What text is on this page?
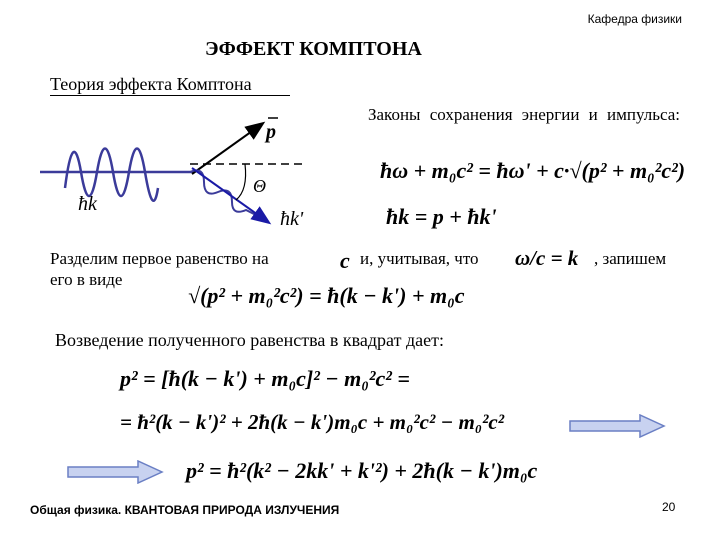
Кафедра физики
ЭФФЕКТ КОМПТОНА
Теория эффекта Комптона
p
Θ
ħk
ħk'
Законы сохранения энергии и импульса:
ħω + m₀c² = ħω' + c·√(p² + m₀²c²)
ħk = p + ħk'
Разделим первое равенство на	c и, учитывая, что ω/c = k , запишем
его в виде
√(p² + m₀²c²) = ħ(k − k') + m₀c
Возведение полученного равенства в квадрат дает:
p² = [ħ(k − k') + m₀c]² − m₀²c² =
= ħ²(k − k')² + 2ħ(k − k')m₀c + m₀²c² − m₀²c²
p² = ħ²(k² − 2kk' + k'²) + 2ħ(k − k')m₀c
Общая физика. КВАНТОВАЯ ПРИРОДА ИЗЛУЧЕНИЯ	20
